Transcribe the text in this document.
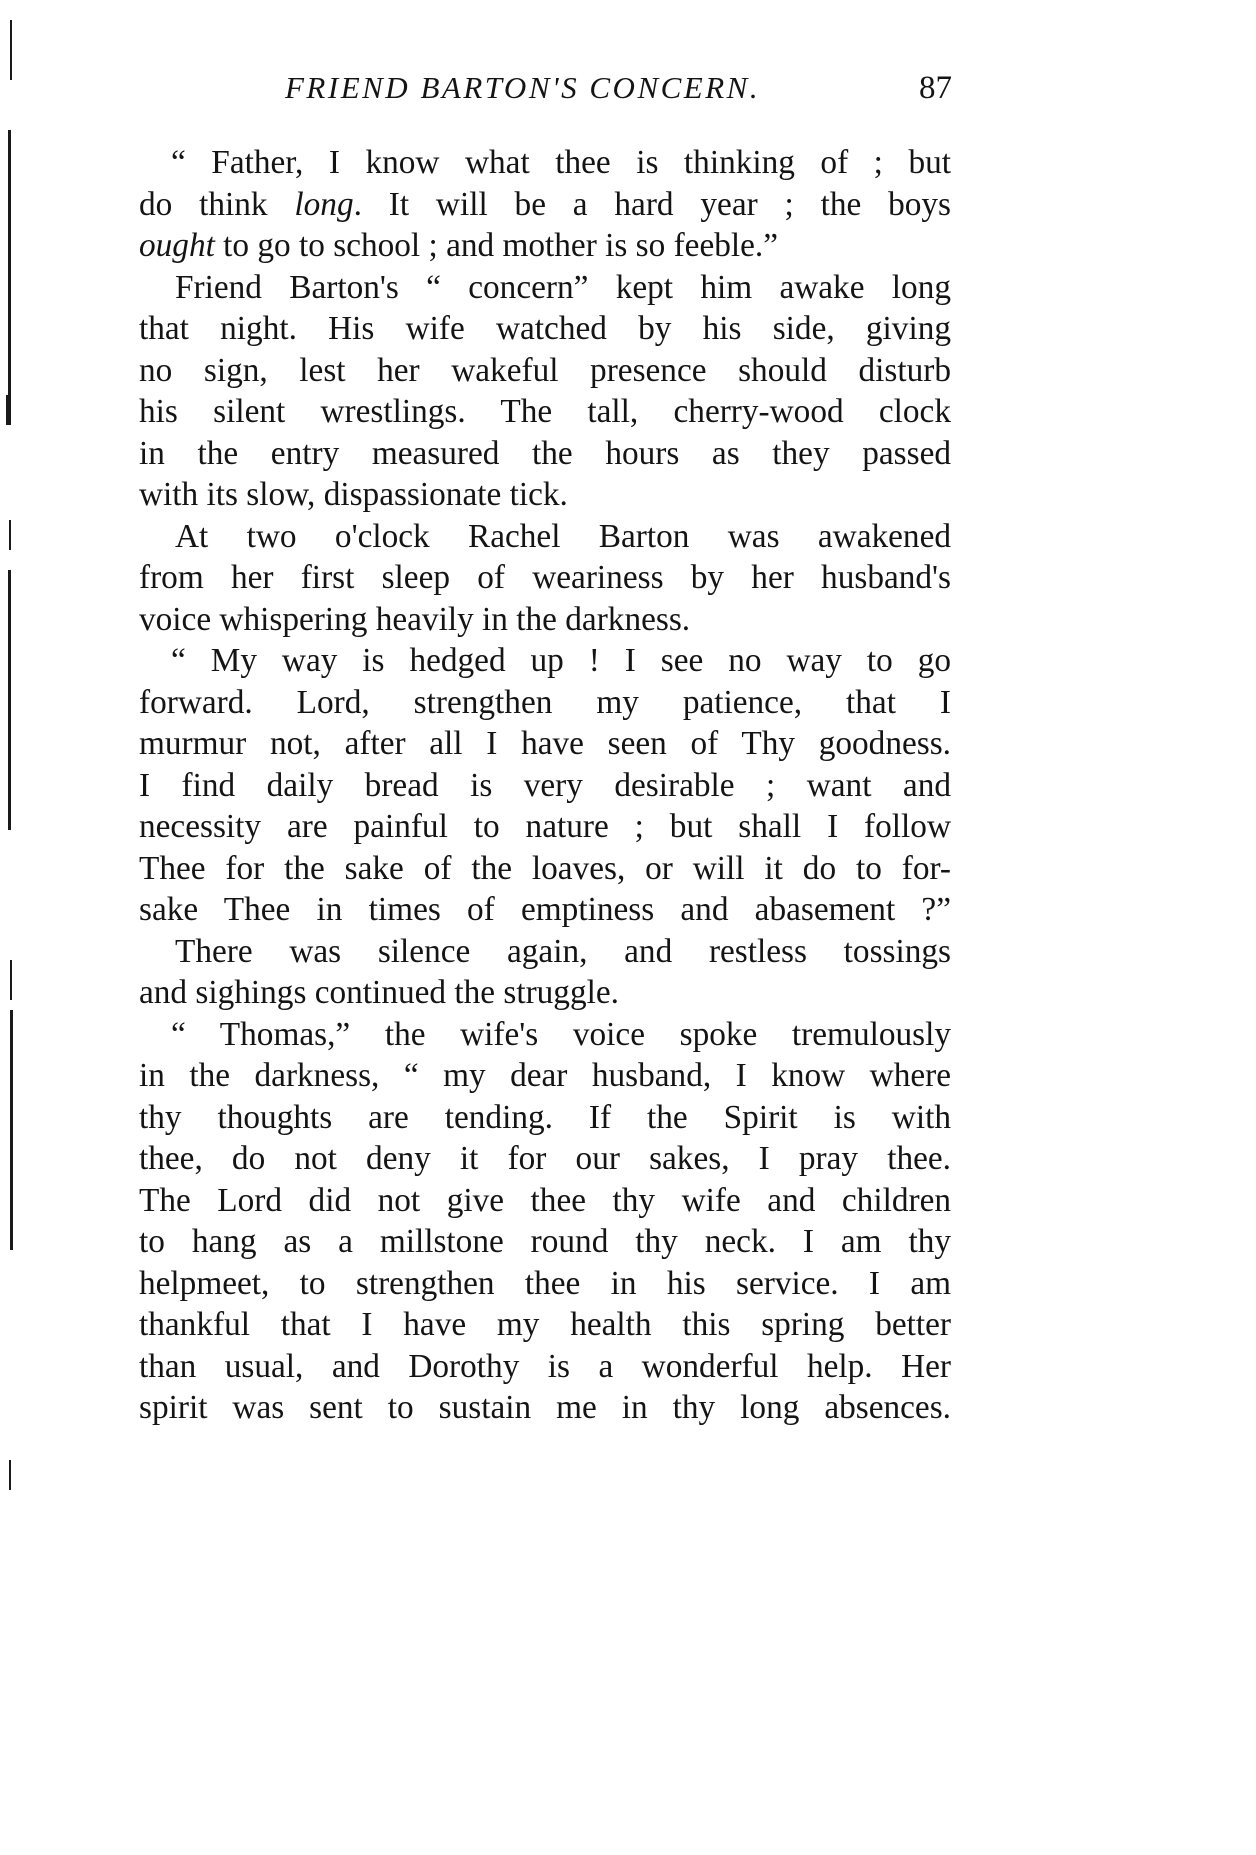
FRIEND BARTON'S CONCERN.	87
“ Father, I know what thee is thinking of ; but
do think long. It will be a hard year ; the boys
ought to go to school ; and mother is so feeble.”
Friend Barton's “ concern” kept him awake long
that night. His wife watched by his side, giving
no sign, lest her wakeful presence should disturb
his silent wrestlings. The tall, cherry-wood clock
in the entry measured the hours as they passed
with its slow, dispassionate tick.
At two o'clock Rachel Barton was awakened
from her first sleep of weariness by her husband's
voice whispering heavily in the darkness.
“ My way is hedged up ! I see no way to go
forward. Lord, strengthen my patience, that I
murmur not, after all I have seen of Thy goodness.
I find daily bread is very desirable ; want and
necessity are painful to nature ; but shall I follow
Thee for the sake of the loaves, or will it do to for-
sake Thee in times of emptiness and abasement ?”
There was silence again, and restless tossings
and sighings continued the struggle.
“ Thomas,” the wife's voice spoke tremulously
in the darkness, “ my dear husband, I know where
thy thoughts are tending. If the Spirit is with
thee, do not deny it for our sakes, I pray thee.
The Lord did not give thee thy wife and children
to hang as a millstone round thy neck. I am thy
helpmeet, to strengthen thee in his service. I am
thankful that I have my health this spring better
than usual, and Dorothy is a wonderful help. Her
spirit was sent to sustain me in thy long absences.
